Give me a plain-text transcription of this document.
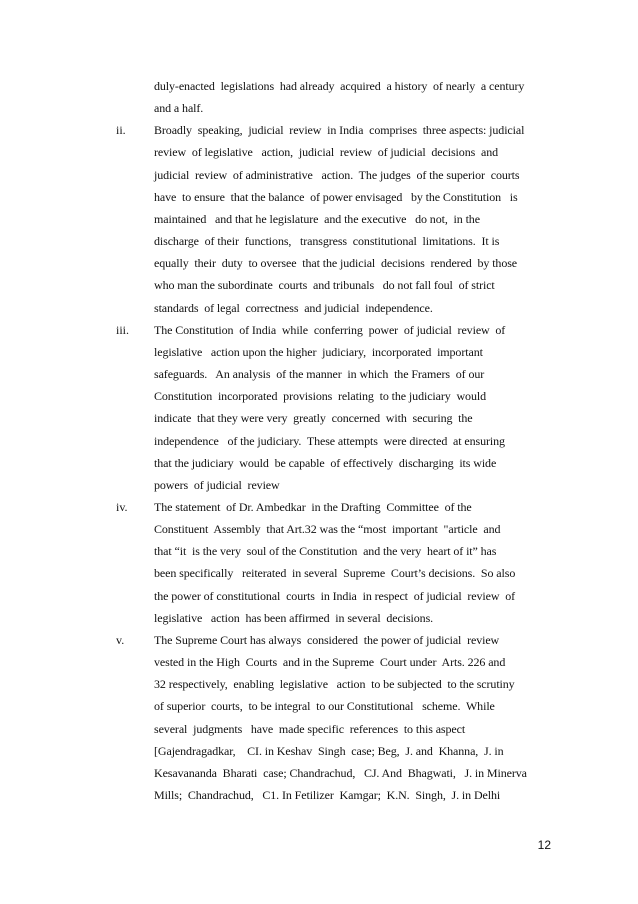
duly-enacted  legislations  had already  acquired  a history  of nearly  a century
and a half.
ii.	Broadly  speaking,  judicial  review  in India  comprises  three aspects: judicial
review  of legislative   action,  judicial  review  of judicial  decisions  and
judicial  review  of administrative   action.  The judges  of the superior  courts
have  to ensure  that the balance  of power envisaged   by the Constitution   is
maintained   and that he legislature  and the executive   do not,  in the
discharge  of their  functions,   transgress  constitutional  limitations.  It is
equally  their  duty  to oversee  that the judicial  decisions  rendered  by those
who man the subordinate  courts  and tribunals   do not fall foul  of strict
standards  of legal  correctness  and judicial  independence.
iii.	The Constitution  of India  while  conferring  power  of judicial  review  of
legislative   action upon the higher  judiciary,  incorporated  important
safeguards.   An analysis  of the manner  in which  the Framers  of our
Constitution  incorporated  provisions  relating  to the judiciary  would
indicate  that they were very  greatly  concerned  with  securing  the
independence   of the judiciary.  These attempts  were directed  at ensuring
that the judiciary  would  be capable  of effectively  discharging  its wide
powers  of judicial  review
iv.	The statement  of Dr. Ambedkar  in the Drafting  Committee  of the
Constituent  Assembly  that Art.32 was the “most  important  "article  and
that “it  is the very  soul of the Constitution  and the very  heart of it” has
been specifically   reiterated  in several  Supreme  Court’s decisions.  So also
the power of constitutional  courts  in India  in respect  of judicial  review  of
legislative   action  has been affirmed  in several  decisions.
v.	The Supreme Court has always  considered  the power of judicial  review
vested in the High  Courts  and in the Supreme  Court under  Arts. 226 and
32 respectively,  enabling  legislative   action  to be subjected  to the scrutiny
of superior  courts,  to be integral  to our Constitutional   scheme.  While
several  judgments   have  made specific  references  to this aspect
[Gajendragadkar,    CI. in Keshav  Singh  case; Beg,  J. and  Khanna,  J. in
Kesavananda  Bharati  case; Chandrachud,   CJ. And  Bhagwati,   J. in Minerva
Mills;  Chandrachud,   C1. In Fetilizer  Kamgar;  K.N.  Singh,  J. in Delhi
12
